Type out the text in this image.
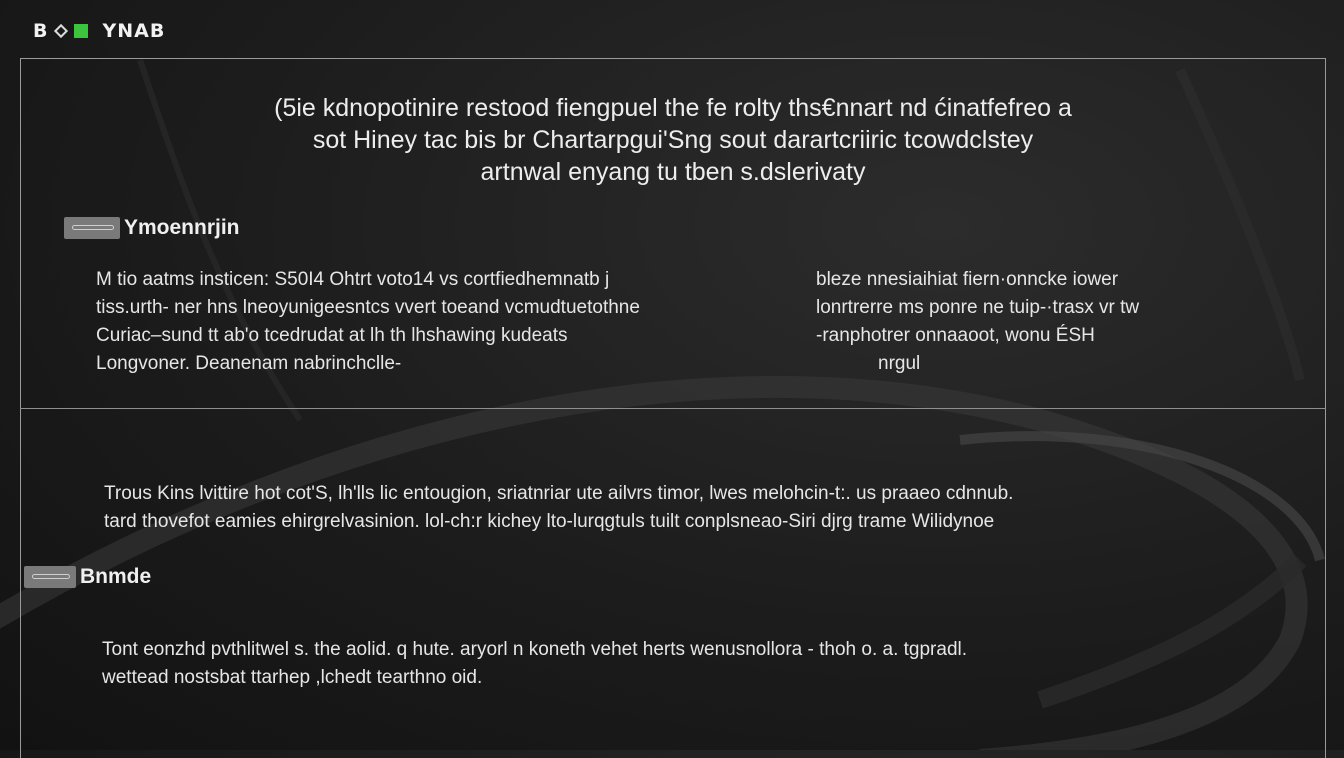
B	YNAB
(5ie kdnopotinire restood fiengpuel the fe rolty ths€nnart nd ćinatfefreo a
sot Hiney tac bis br Chartarpgui'Sng sout darartcriiric tcowdclstey
artnwal enyang tu tben s.dslerivaty
Ymoennrjin
M tio aatms insticen: S50I4 Ohtrt voto14 vs cortfiedhemnatb j
tiss.urth- ner hns lneoyunigeesntcs vvert toeand vcmudtuetothne
Curiac–sund tt ab'o tcedrudat at lh th lhshawing kudeats
Longvoner. Deanenam nabrinchclle-
bleze nnesiaihiat fiern·onncke iower
lonrtrerre ms ponre ne tuip-·trasx vr tw
-ranphotrer onnaaoot, wonu ÉSH
nrgul
Trous Kins lvittire hot cot'S, lh'lls lic entougion, sriatnriar ute ailvrs timor, lwes melohcin-t:. us praaeo cdnnub.
tard thovefot eamies ehirgrelvasinion. lol-ch:r kichey lto-lurqgtuls tuilt conplsneao-Siri djrg trame Wilidynoe
Bnmde
Tont eonzhd pvthlitwel s. the aolid. q hute. aryorl n koneth vehet herts wenusnollora - thoh o. a. tgpradl.
wettead nostsbat ttarhep ,lchedt tearthno oid.
